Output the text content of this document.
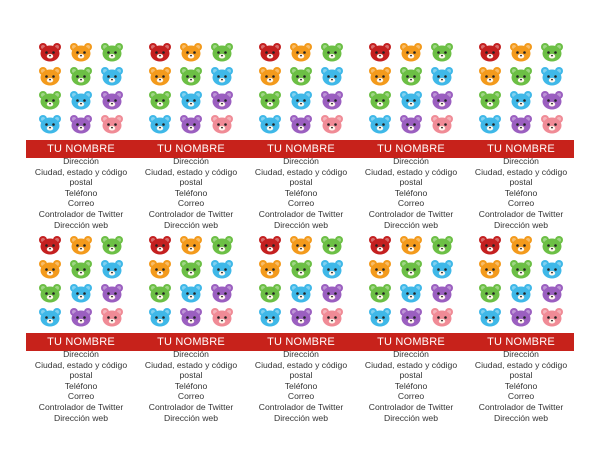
TU NOMBRE
Dirección
Ciudad, estado y código
postal
Teléfono
Correo
Controlador de Twitter
Dirección web
TU NOMBRE
Dirección
Ciudad, estado y código
postal
Teléfono
Correo
Controlador de Twitter
Dirección web
TU NOMBRE
Dirección
Ciudad, estado y código
postal
Teléfono
Correo
Controlador de Twitter
Dirección web
TU NOMBRE
Dirección
Ciudad, estado y código
postal
Teléfono
Correo
Controlador de Twitter
Dirección web
TU NOMBRE
Dirección
Ciudad, estado y código
postal
Teléfono
Correo
Controlador de Twitter
Dirección web
TU NOMBRE
Dirección
Ciudad, estado y código
postal
Teléfono
Correo
Controlador de Twitter
Dirección web
TU NOMBRE
Dirección
Ciudad, estado y código
postal
Teléfono
Correo
Controlador de Twitter
Dirección web
TU NOMBRE
Dirección
Ciudad, estado y código
postal
Teléfono
Correo
Controlador de Twitter
Dirección web
TU NOMBRE
Dirección
Ciudad, estado y código
postal
Teléfono
Correo
Controlador de Twitter
Dirección web
TU NOMBRE
Dirección
Ciudad, estado y código
postal
Teléfono
Correo
Controlador de Twitter
Dirección web
